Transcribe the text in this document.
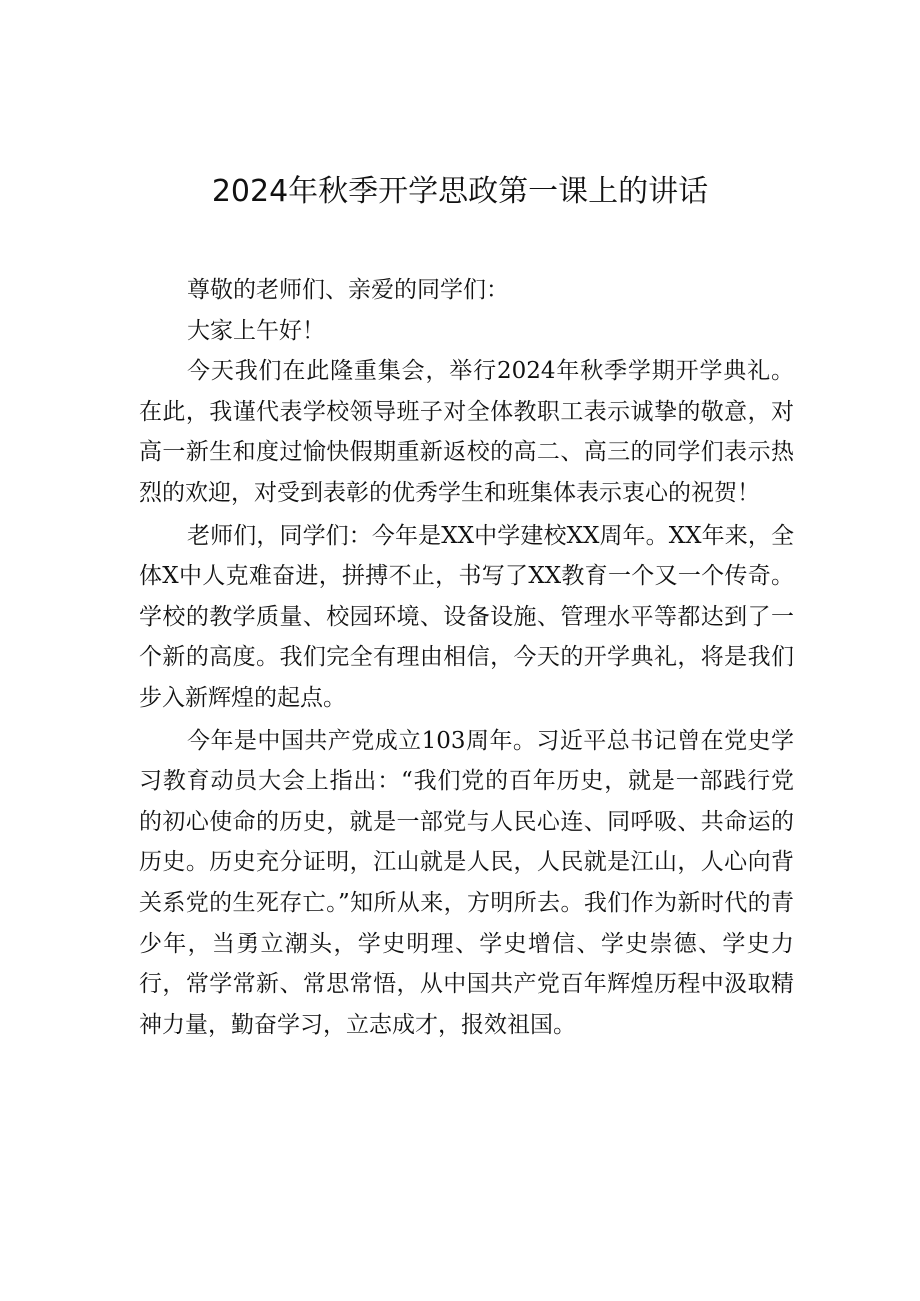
2024年秋季开学思政第一课上的讲话

尊敬的老师们、亲爱的同学们：

大家上午好！

今天我们在此隆重集会，举行2024年秋季学期开学典礼。在此，我谨代表学校领导班子对全体教职工表示诚挚的敬意，对高一新生和度过愉快假期重新返校的高二、高三的同学们表示热烈的欢迎，对受到表彰的优秀学生和班集体表示衷心的祝贺！

老师们，同学们：今年是XX中学建校XX周年。XX年来，全体X中人克难奋进，拼搏不止，书写了XX教育一个又一个传奇。学校的教学质量、校园环境、设备设施、管理水平等都达到了一个新的高度。我们完全有理由相信，今天的开学典礼，将是我们步入新辉煌的起点。

今年是中国共产党成立103周年。习近平总书记曾在党史学习教育动员大会上指出：“我们党的百年历史，就是一部践行党的初心使命的历史，就是一部党与人民心连、同呼吸、共命运的历史。历史充分证明，江山就是人民，人民就是江山，人心向背关系党的生死存亡。”知所从来，方明所去。我们作为新时代的青少年，当勇立潮头，学史明理、学史增信、学史崇德、学史力行，常学常新、常思常悟，从中国共产党百年辉煌历程中汲取精神力量，勤奋学习，立志成才，报效祖国。
